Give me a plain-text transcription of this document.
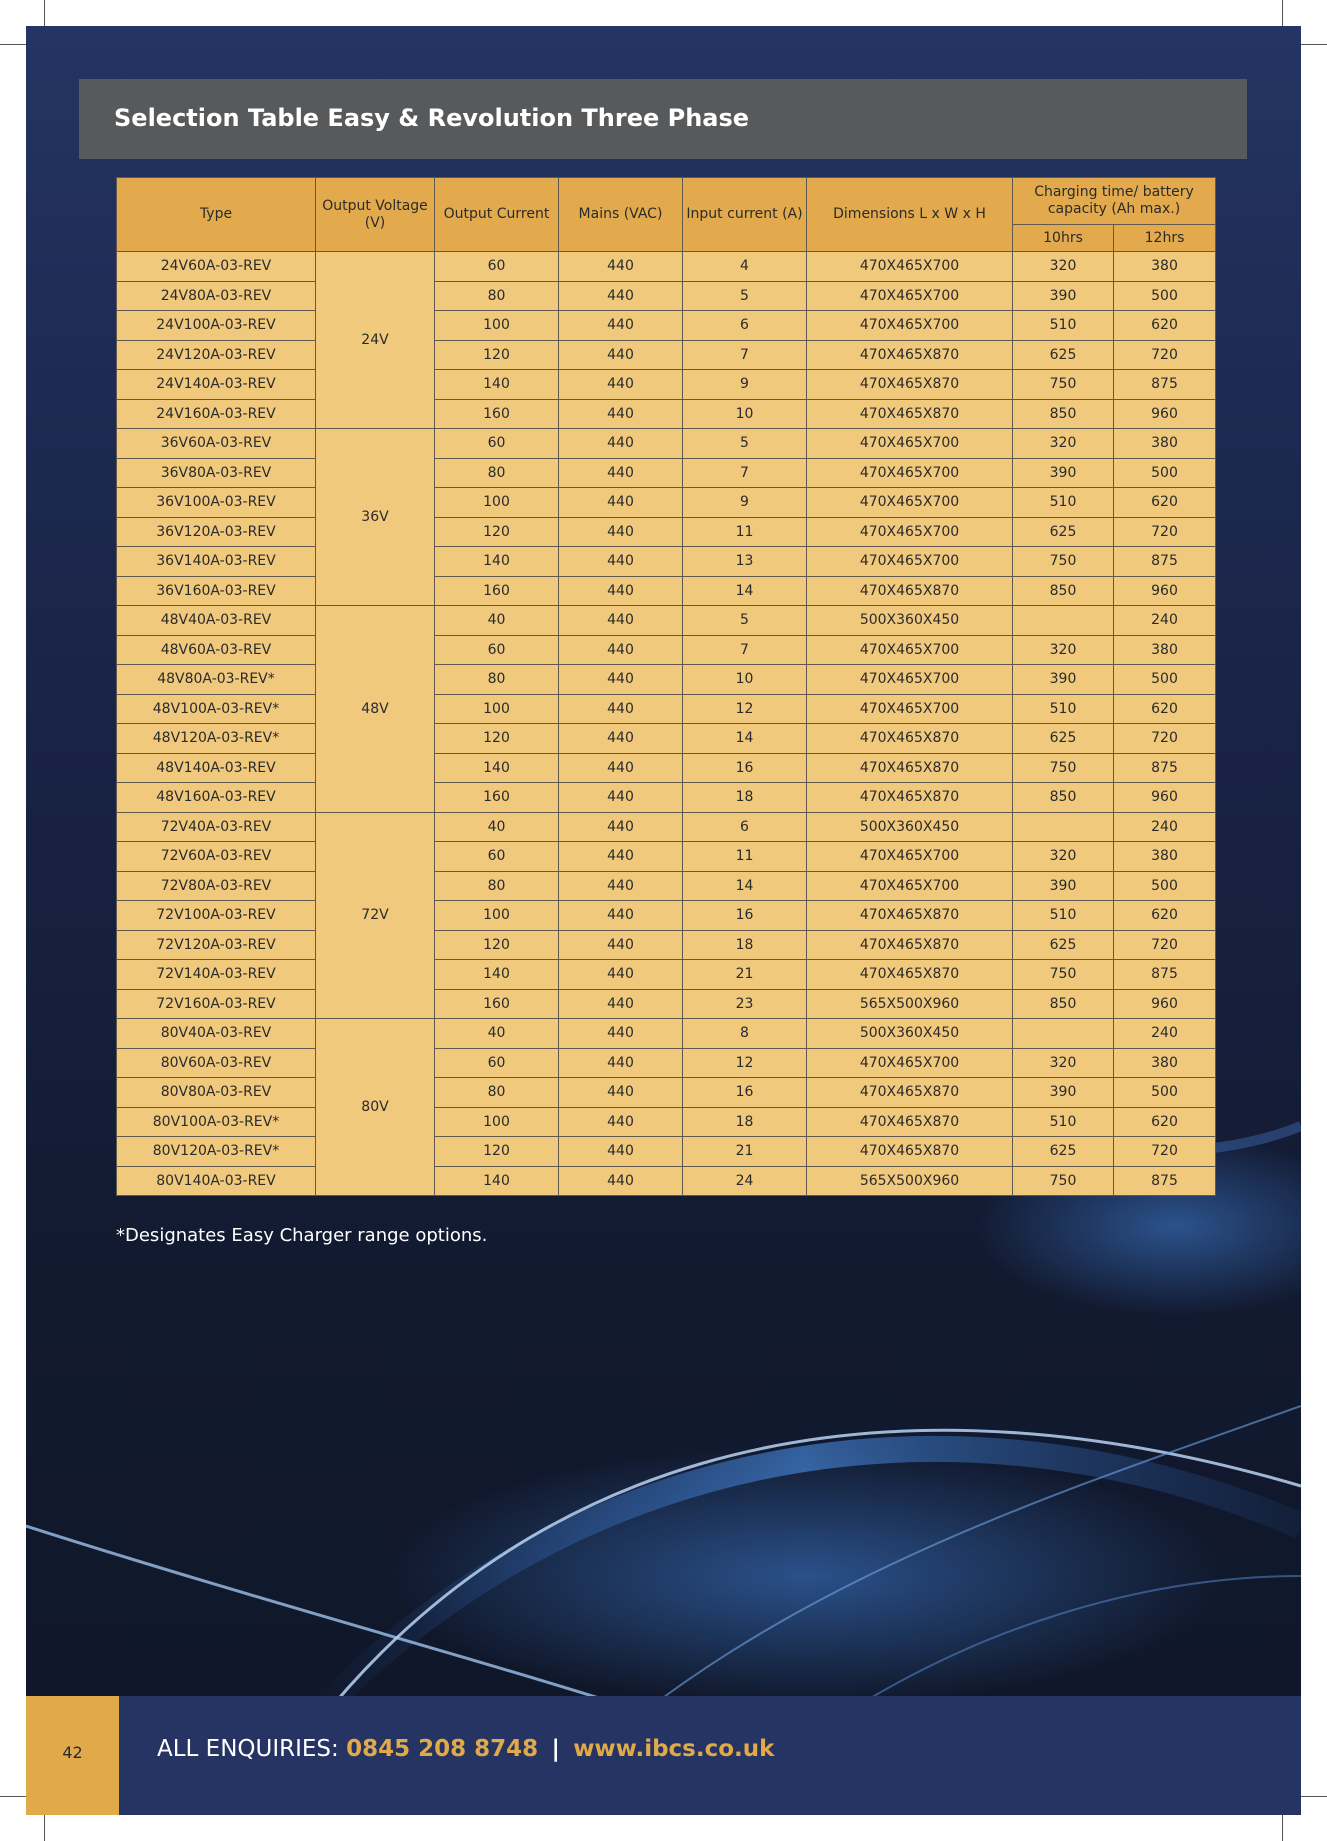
Selection Table Easy & Revolution Three Phase
Type	Output Voltage (V)	Output Current	Mains (VAC)	Input current (A)	Dimensions L x W x H	Charging time/ battery capacity (Ah max.)	
						10hrs	12hrs
24V60A-03-REV	24V	60	440	4	470X465X700	320	380
24V80A-03-REV		80	440	5	470X465X700	390	500
24V100A-03-REV		100	440	6	470X465X700	510	620
24V120A-03-REV		120	440	7	470X465X870	625	720
24V140A-03-REV		140	440	9	470X465X870	750	875
24V160A-03-REV		160	440	10	470X465X870	850	960
36V60A-03-REV	36V	60	440	5	470X465X700	320	380
36V80A-03-REV		80	440	7	470X465X700	390	500
36V100A-03-REV		100	440	9	470X465X700	510	620
36V120A-03-REV		120	440	11	470X465X700	625	720
36V140A-03-REV		140	440	13	470X465X700	750	875
36V160A-03-REV		160	440	14	470X465X870	850	960
48V40A-03-REV	48V	40	440	5	500X360X450		240
48V60A-03-REV		60	440	7	470X465X700	320	380
48V80A-03-REV*		80	440	10	470X465X700	390	500
48V100A-03-REV*		100	440	12	470X465X700	510	620
48V120A-03-REV*		120	440	14	470X465X870	625	720
48V140A-03-REV		140	440	16	470X465X870	750	875
48V160A-03-REV		160	440	18	470X465X870	850	960
72V40A-03-REV	72V	40	440	6	500X360X450		240
72V60A-03-REV		60	440	11	470X465X700	320	380
72V80A-03-REV		80	440	14	470X465X700	390	500
72V100A-03-REV		100	440	16	470X465X870	510	620
72V120A-03-REV		120	440	18	470X465X870	625	720
72V140A-03-REV		140	440	21	470X465X870	750	875
72V160A-03-REV		160	440	23	565X500X960	850	960
80V40A-03-REV	80V	40	440	8	500X360X450		240
80V60A-03-REV		60	440	12	470X465X700	320	380
80V80A-03-REV		80	440	16	470X465X870	390	500
80V100A-03-REV*		100	440	18	470X465X870	510	620
80V120A-03-REV*		120	440	21	470X465X870	625	720
80V140A-03-REV		140	440	24	565X500X960	750	875
*Designates Easy Charger range options.
42	ALL ENQUIRIES: 0845 208 8748 | www.ibcs.co.uk
